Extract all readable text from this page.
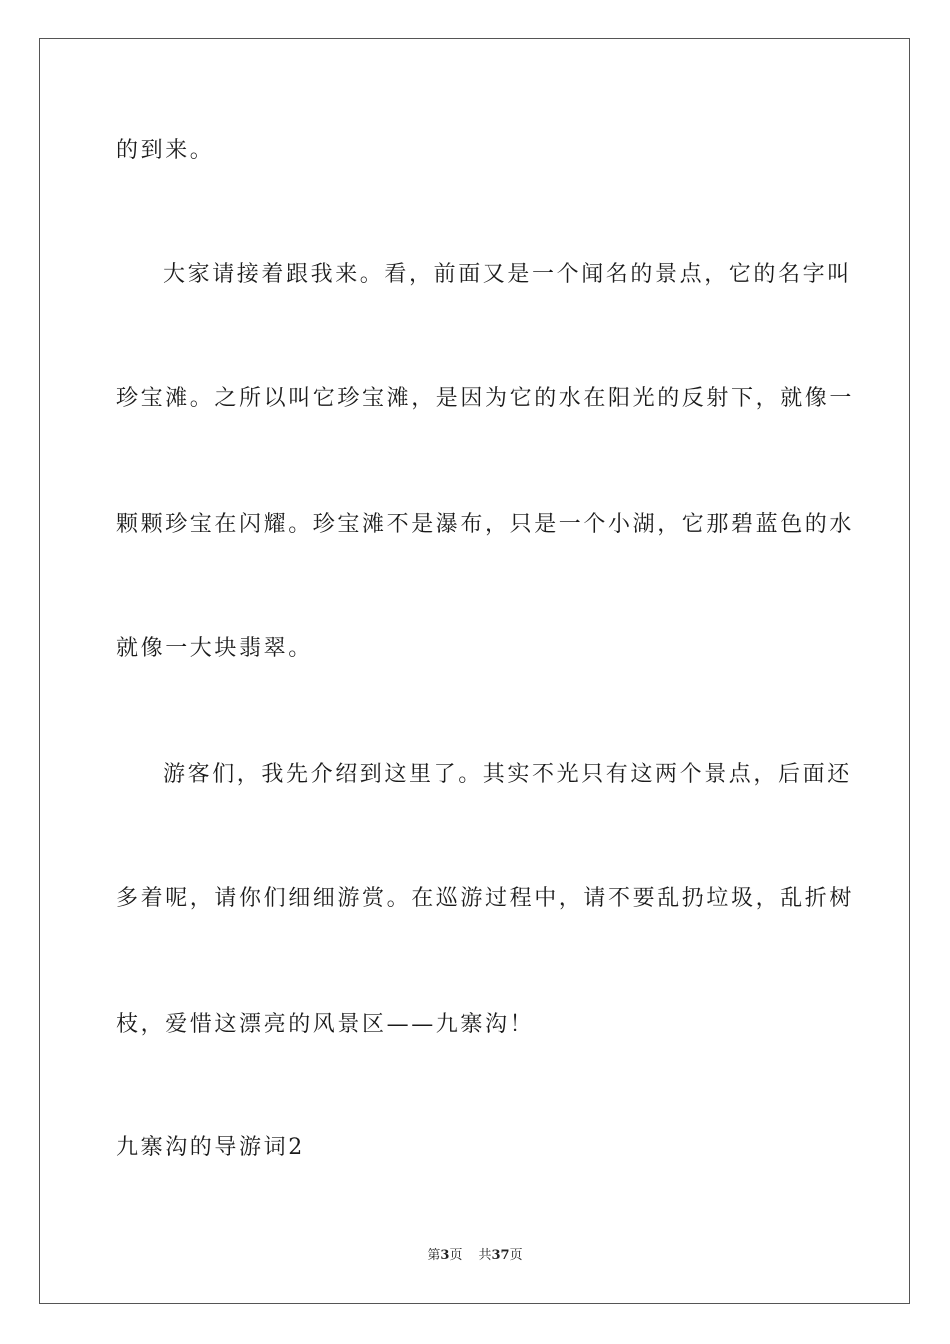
的到来。
大家请接着跟我来。看，前面又是一个闻名的景点，它的名字叫
珍宝滩。之所以叫它珍宝滩，是因为它的水在阳光的反射下，就像一
颗颗珍宝在闪耀。珍宝滩不是瀑布，只是一个小湖，它那碧蓝色的水
就像一大块翡翠。
游客们，我先介绍到这里了。其实不光只有这两个景点，后面还
多着呢，请你们细细游赏。在巡游过程中，请不要乱扔垃圾，乱折树
枝，爱惜这漂亮的风景区——九寨沟！
九寨沟的导游词2
第3页 共37页
